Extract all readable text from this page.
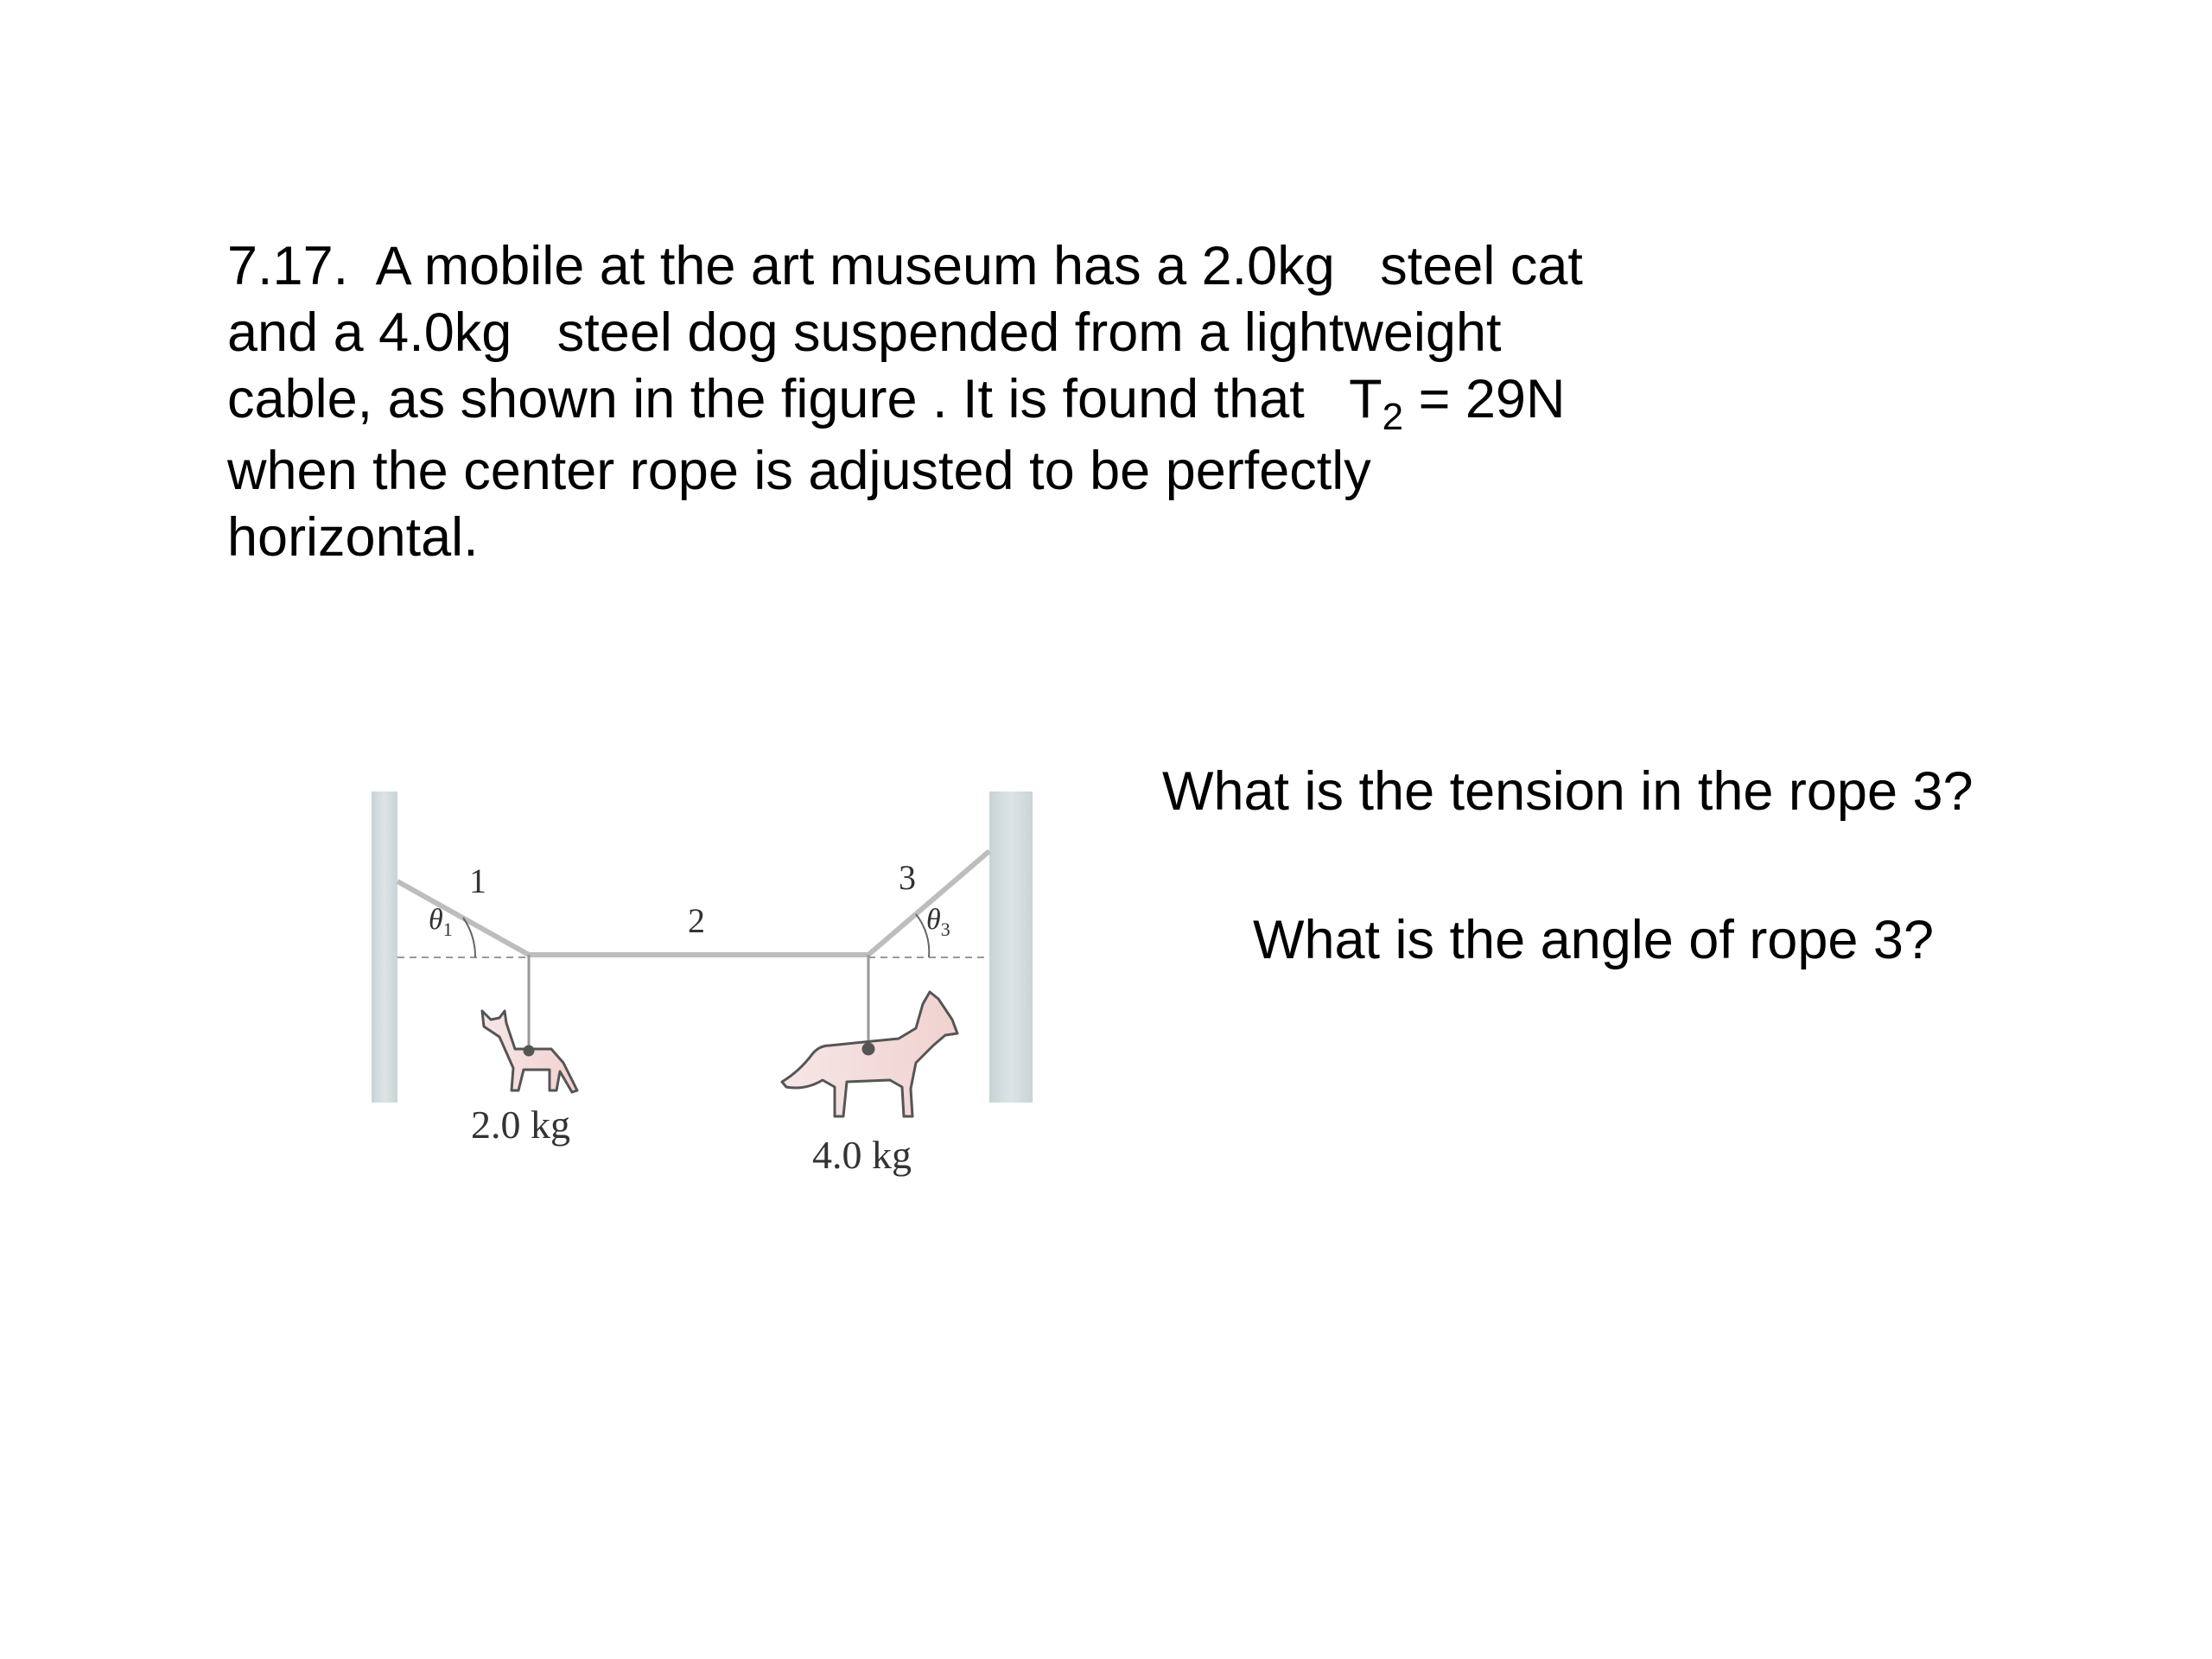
7.17.  A mobile at the art museum has a 2.0kg steel cat
and a 4.0kg steel dog suspended from a lightweight
cable, as shown in the figure . It is found that $T_2 = 29N$
when the center rope is adjusted to be perfectly
horizontal.
1
2
3
$\theta_1$	$\theta_3$
2.0 kg
4.0 kg
What is the tension in the rope 3?
What is the angle of rope 3?
